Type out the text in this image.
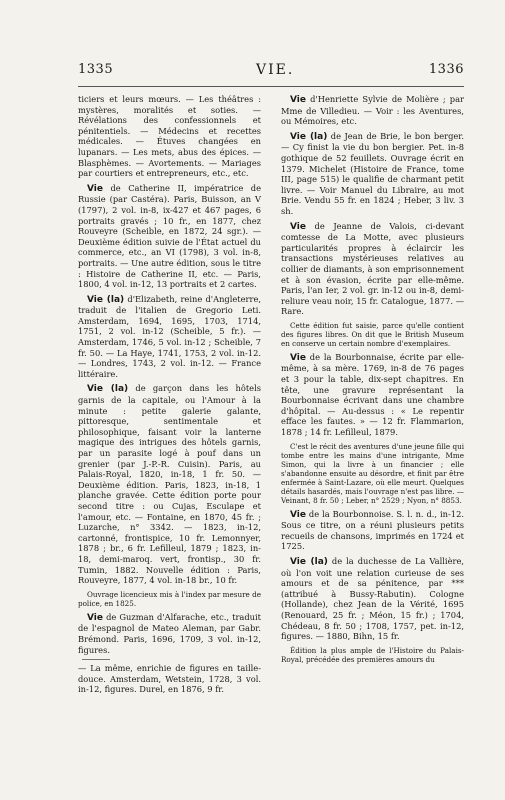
1335	VIE.	1336

ticiers et leurs mœurs. — Les théâtres : mystères, moralités et soties. — Révélations des confessionnels et pénitentiels. — Médecins et recettes médicales. — Étuves changées en lupanars. — Les mets, abus des épices. — Blasphèmes. — Avortements. — Mariages par courtiers et entrepreneurs, etc., etc.

Vie de Catherine II, impératrice de Russie (par Castéra). Paris, Buisson, an V (1797), 2 vol. in-8, ix-427 et 467 pages, 6 portraits gravés ; 10 fr., en 1877, chez Rouveyre (Scheible, en 1872, 24 sgr.). — Deuxième édition suivie de l'État actuel du commerce, etc., an VI (1798), 3 vol. in-8, portraits. — Une autre édition, sous le titre : Histoire de Catherine II, etc. — Paris, 1800, 4 vol. in-12, 13 portraits et 2 cartes.

Vie (la) d'Elizabeth, reine d'Angleterre, traduit de l'italien de Gregorio Leti. Amsterdam, 1694, 1695, 1703, 1714, 1751, 2 vol. in-12 (Scheible, 5 fr.). — Amsterdam, 1746, 5 vol. in-12 ; Scheible, 7 fr. 50. — La Haye, 1741, 1753, 2 vol. in-12. — Londres, 1743, 2 vol. in-12. — France littéraire.

Vie (la) de garçon dans les hôtels garnis de la capitale, ou l'Amour à la minute : petite galerie galante, pittoresque, sentimentale et philosophique, faisant voir la lanterne magique des intrigues des hôtels garnis, par un parasite logé à pouf dans un grenier (par J.-P.-R. Cuisin). Paris, au Palais-Royal, 1820, in-18, 1 fr. 50. — Deuxième édition. Paris, 1823, in-18, 1 planche gravée. Cette édition porte pour second titre : ou Cujas, Esculape et l'amour, etc. — Fontaine, en 1870, 45 fr. ; Luzarche, n° 3342. — 1823, in-12, cartonné, frontispice, 10 fr. Lemonnyer, 1878 ; br., 6 fr. Lefilleul, 1879 ; 1823, in-18, demi-maroq. vert, frontisp., 30 fr. Tumin, 1882. Nouvelle édition : Paris, Rouveyre, 1877, 4 vol. in-18 br., 10 fr.

Ouvrage licencieux mis à l'index par mesure de police, en 1825.

Vie de Guzman d'Alfarache, etc., traduit de l'espagnol de Mateo Aleman, par Gabr. Brémond. Paris, 1696, 1709, 3 vol. in-12, figures.

— La même, enrichie de figures en taille-douce. Amsterdam, Wetstein, 1728, 3 vol. in-12, figures. Durel, en 1876, 9 fr.

Vie d'Henriette Sylvie de Molière ; par Mme de Villedieu. — Voir : les Aventures, ou Mémoires, etc.

Vie (la) de Jean de Brie, le bon berger. — Cy finist la vie du bon bergier. Pet. in-8 gothique de 52 feuillets. Ouvrage écrit en 1379. Michelet (Histoire de France, tome III, page 515) le qualifie de charmant petit livre. — Voir Manuel du Libraire, au mot Brie. Vendu 55 fr. en 1824 ; Heber, 3 liv. 3 sh.

Vie de Jeanne de Valois, ci-devant comtesse de La Motte, avec plusieurs particularités propres à éclaircir les transactions mystérieuses relatives au collier de diamants, à son emprisonnement et à son évasion, écrite par elle-même. Paris, l'an Ier, 2 vol. gr. in-12 ou in-8, demi-reliure veau noir, 15 fr. Catalogue, 1877. — Rare.

Cette édition fut saisie, parce qu'elle contient des figures libres. On dit que le British Museum en conserve un certain nombre d'exemplaires.

Vie de la Bourbonnaise, écrite par elle-même, à sa mère. 1769, in-8 de 76 pages et 3 pour la table, dix-sept chapitres. En tête, une gravure représentant la Bourbonnaise écrivant dans une chambre d'hôpital. — Au-dessus : « Le repentir efface les fautes. » — 12 fr. Flammarion, 1878 ; 14 fr. Lefilleul, 1879.

C'est le récit des aventures d'une jeune fille qui tombe entre les mains d'une intrigante, Mme Simon, qui la livre à un financier ; elle s'abandonne ensuite au désordre, et finit par être enfermée à Saint-Lazare, où elle meurt. Quelques détails hasardés, mais l'ouvrage n'est pas libre. — Veinant, 8 fr. 50 ; Leber, n° 2529 ; Nyon, n° 8853.

Vie de la Bourbonnoise. S. l. n. d., in-12. Sous ce titre, on a réuni plusieurs petits recueils de chansons, imprimés en 1724 et 1725.

Vie (la) de la duchesse de La Vallière, où l'on voit une relation curieuse de ses amours et de sa pénitence, par *** (attribué à Bussy-Rabutin). Cologne (Hollande), chez Jean de la Vérité, 1695 (Renouard, 25 fr. ; Méon, 15 fr.) ; 1704, Chédeau, 8 fr. 50 ; 1708, 1757, pet. in-12, figures. — 1880, Bihn, 15 fr.

Édition la plus ample de l'Histoire du Palais-Royal, précédée des premières amours du
